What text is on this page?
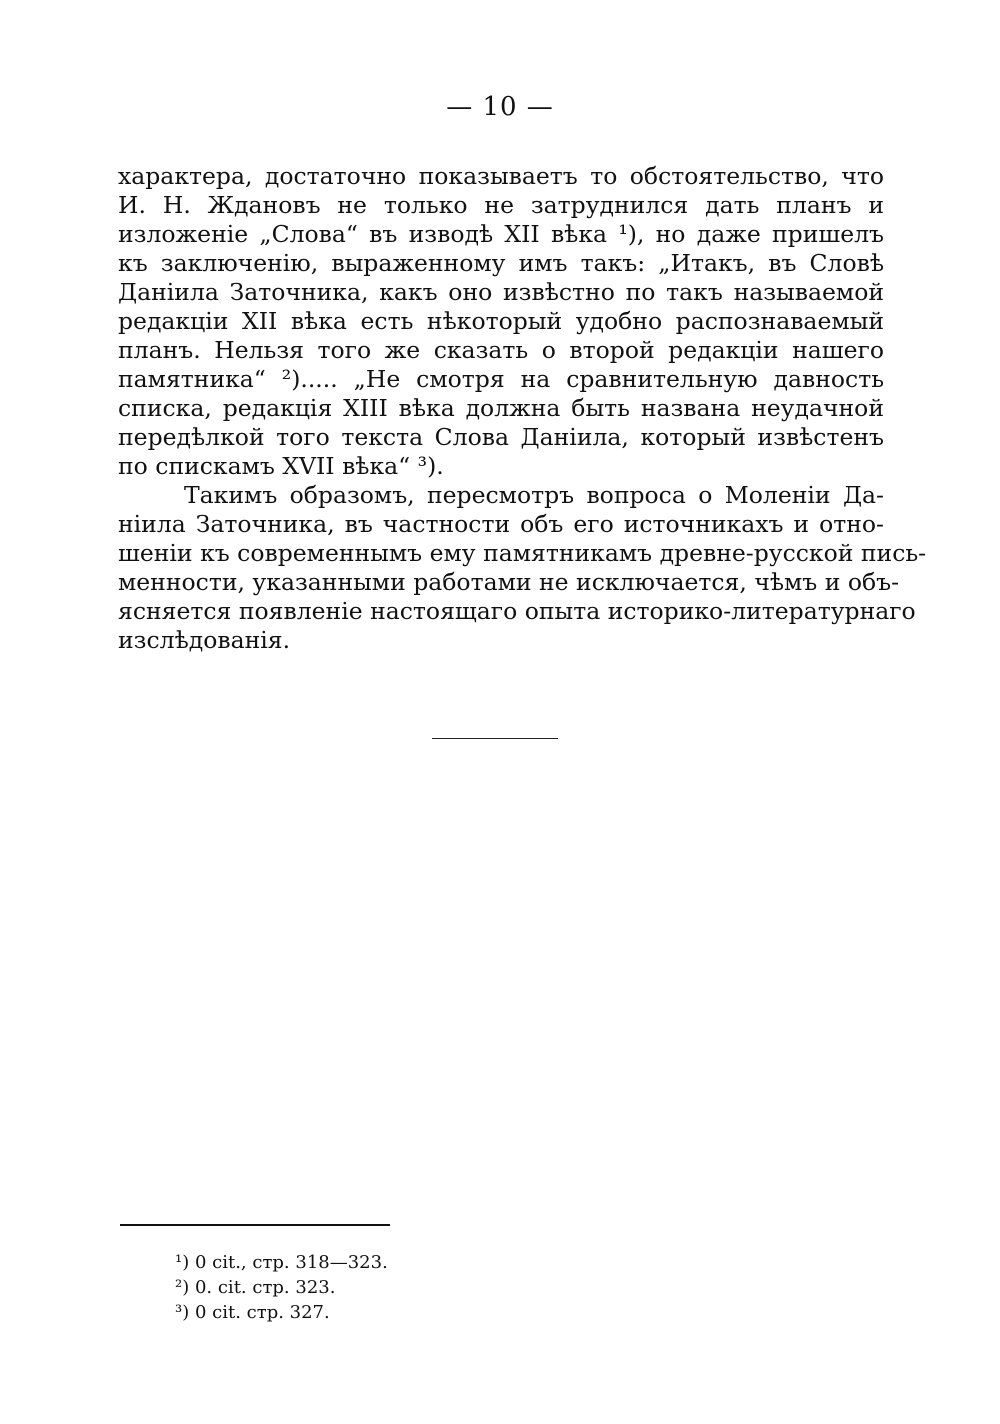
— 10 —
характера, достаточно показываетъ то обстоятельство, что
И. Н. Ждановъ не только не затруднился дать планъ и
изложеніе „Слова“ въ изводѣ XII вѣка ¹), но даже пришелъ
къ заключенію, выраженному имъ такъ: „Итакъ, въ Словѣ
Даніила Заточника, какъ оно извѣстно по такъ называемой
редакціи XII вѣка есть нѣкоторый удобно распознаваемый
планъ. Нельзя того же сказать о второй редакціи нашего
памятника“ ²)..... „Не смотря на сравнительную давность
списка, редакція XIII вѣка должна быть названа неудачной
передѣлкой того текста Слова Даніила, который извѣстенъ
по спискамъ XVII вѣка“ ³).
Такимъ образомъ, пересмотръ вопроса о Моленіи Да-
ніила Заточника, въ частности объ его источникахъ и отно-
шеніи къ современнымъ ему памятникамъ древне-русской пись-
менности, указанными работами не исключается, чѣмъ и объ-
ясняется появленіе настоящаго опыта историко-литературнаго
изслѣдованія.
¹) 0 cit., стр. 318—323.
²) 0. cit. стр. 323.
³) 0 cit. стр. 327.
